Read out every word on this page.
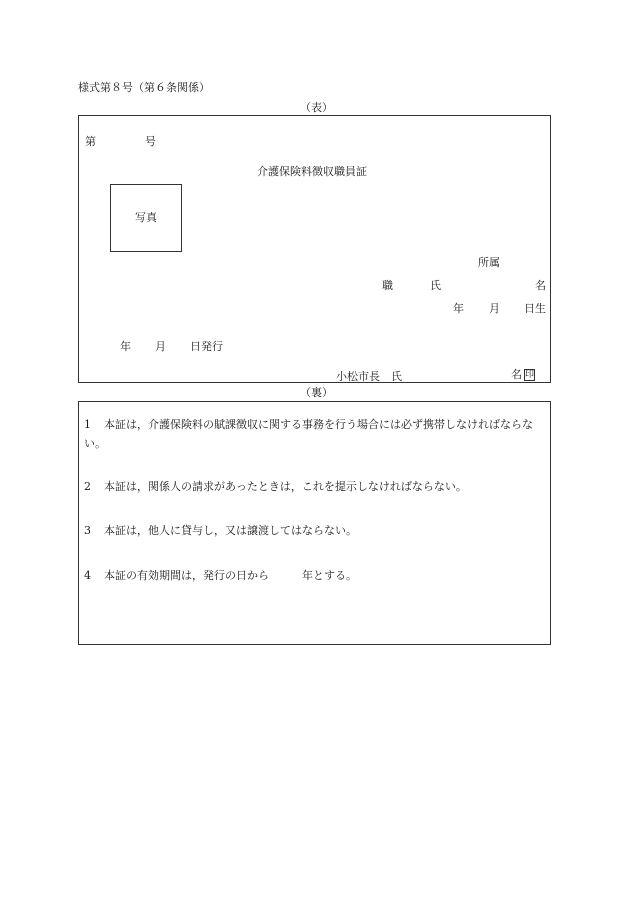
様式第８号（第６条関係）
（表）
第	号
介護保険料徴収職員証
写真
所属
職	氏	名
年 月 日生
年 月 日発行
小松市長　氏	名 印
（裏）
1 本証は，介護保険料の賦課徴収に関する事務を行う場合には必ず携帯しなければならない。
2 本証は，関係人の請求があったときは，これを提示しなければならない。
3 本証は，他人に貸与し，又は譲渡してはならない。
4 本証の有効期間は，発行の日から　　　年とする。
